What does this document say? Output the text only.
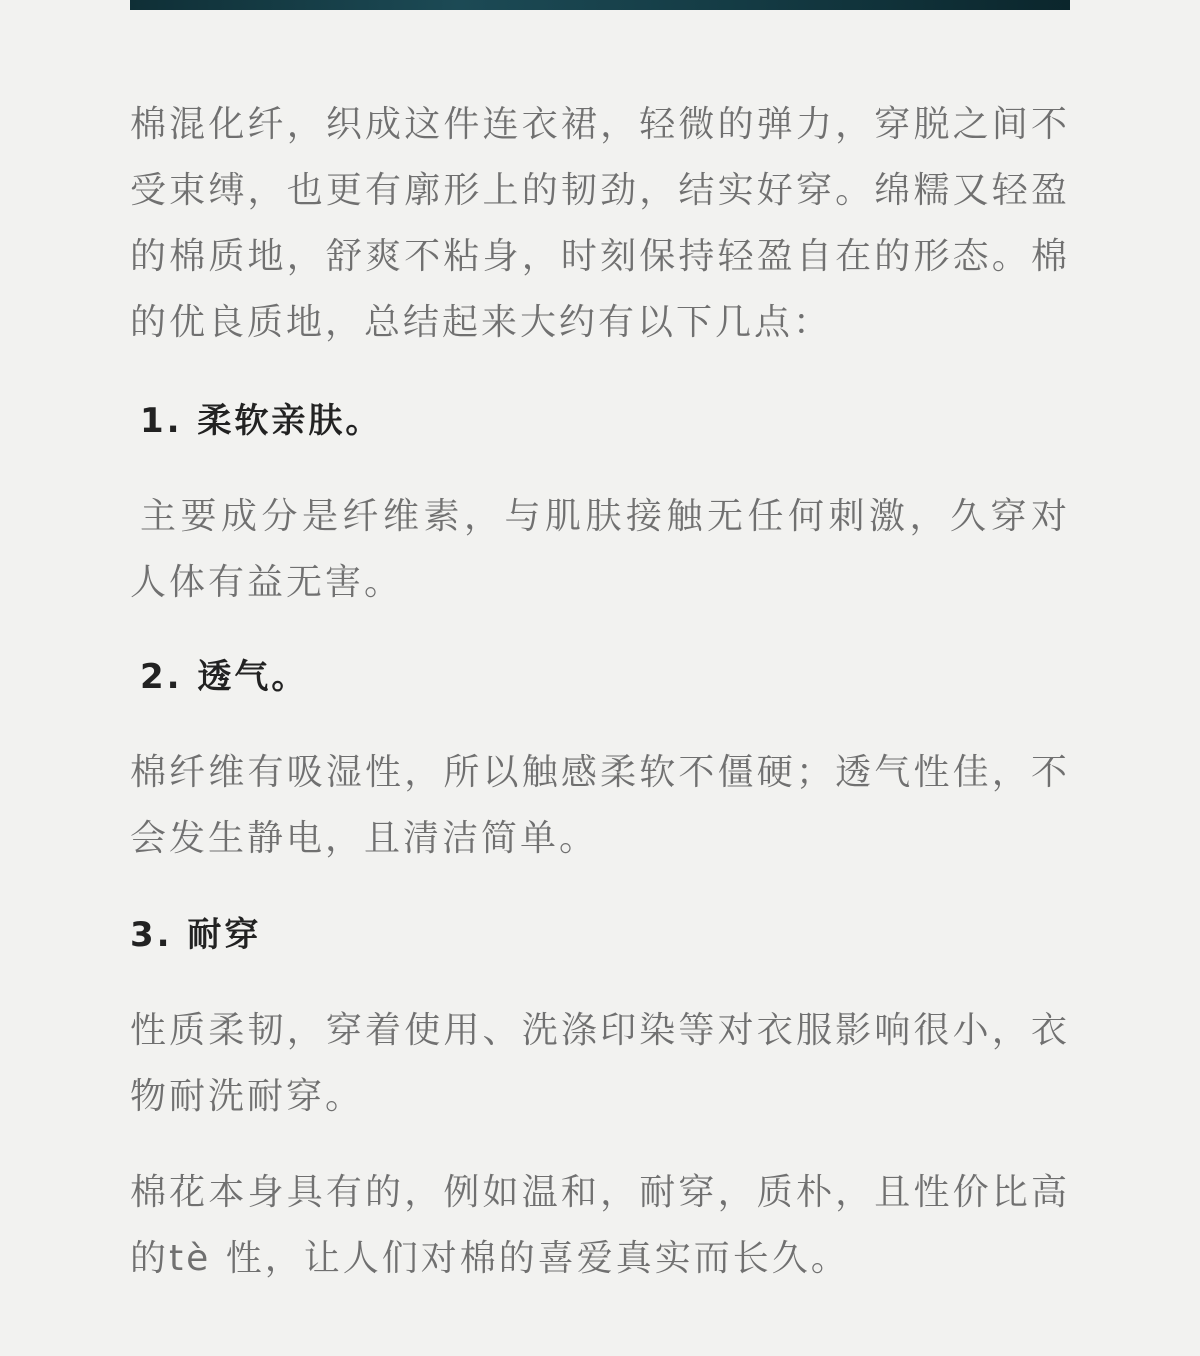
棉混化纤，织成这件连衣裙，轻微的弹力，穿脱之间不受束缚，也更有廓形上的韧劲，结实好穿。绵糯又轻盈的棉质地，舒爽不粘身，时刻保持轻盈自在的形态。棉的优良质地，总结起来大约有以下几点：

1. 柔软亲肤。

主要成分是纤维素，与肌肤接触无任何刺激，久穿对人体有益无害。

2. 透气。

棉纤维有吸湿性，所以触感柔软不僵硬；透气性佳，不会发生静电，且清洁简单。

3. 耐穿

性质柔韧，穿着使用、洗涤印染等对衣服影响很小，衣物耐洗耐穿。

棉花本身具有的，例如温和，耐穿，质朴，且性价比高的tè 性，让人们对棉的喜爱真实而长久。
